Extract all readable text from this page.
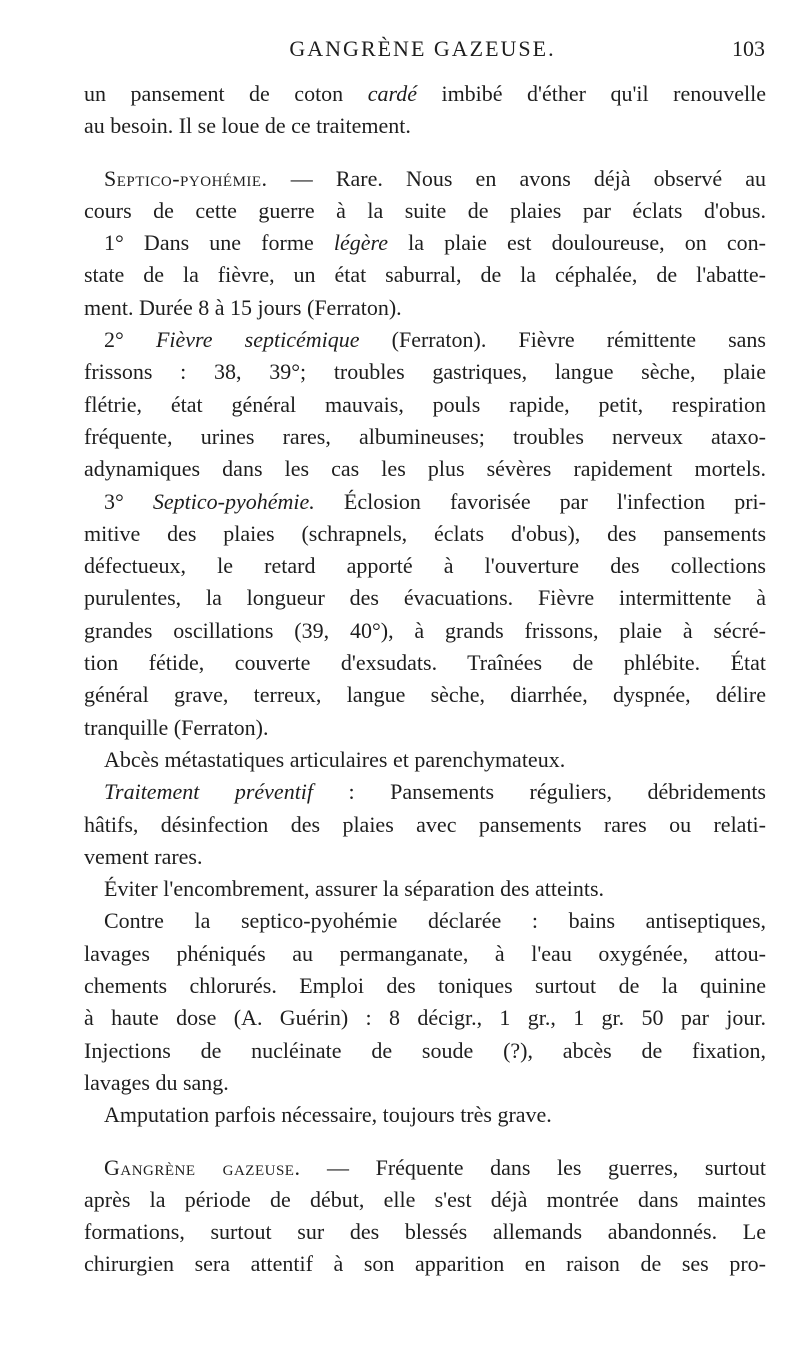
GANGRÈNE GAZEUSE.	103
un pansement de coton cardé imbibé d'éther qu'il renouvelle
au besoin. Il se loue de ce traitement.
Septico-pyohémie. — Rare. Nous en avons déjà observé au
cours de cette guerre à la suite de plaies par éclats d'obus.
1° Dans une forme légère la plaie est douloureuse, on con-
state de la fièvre, un état saburral, de la céphalée, de l'abatte-
ment. Durée 8 à 15 jours (Ferraton).
2° Fièvre septicémique (Ferraton). Fièvre rémittente sans
frissons : 38, 39°; troubles gastriques, langue sèche, plaie
flétrie, état général mauvais, pouls rapide, petit, respiration
fréquente, urines rares, albumineuses; troubles nerveux ataxo-
adynamiques dans les cas les plus sévères rapidement mortels.
3° Septico-pyohémie. Éclosion favorisée par l'infection pri-
mitive des plaies (schrapnels, éclats d'obus), des pansements
défectueux, le retard apporté à l'ouverture des collections
purulentes, la longueur des évacuations. Fièvre intermittente à
grandes oscillations (39, 40°), à grands frissons, plaie à sécré-
tion fétide, couverte d'exsudats. Traînées de phlébite. État
général grave, terreux, langue sèche, diarrhée, dyspnée, délire
tranquille (Ferraton).
Abcès métastatiques articulaires et parenchymateux.
Traitement préventif : Pansements réguliers, débridements
hâtifs, désinfection des plaies avec pansements rares ou relati-
vement rares.
Éviter l'encombrement, assurer la séparation des atteints.
Contre la septico-pyohémie déclarée : bains antiseptiques,
lavages phéniqués au permanganate, à l'eau oxygénée, attou-
chements chlorurés. Emploi des toniques surtout de la quinine
à haute dose (A. Guérin) : 8 décigr., 1 gr., 1 gr. 50 par jour.
Injections de nucléinate de soude (?), abcès de fixation,
lavages du sang.
Amputation parfois nécessaire, toujours très grave.
Gangrène gazeuse. — Fréquente dans les guerres, surtout
après la période de début, elle s'est déjà montrée dans maintes
formations, surtout sur des blessés allemands abandonnés. Le
chirurgien sera attentif à son apparition en raison de ses pro-
